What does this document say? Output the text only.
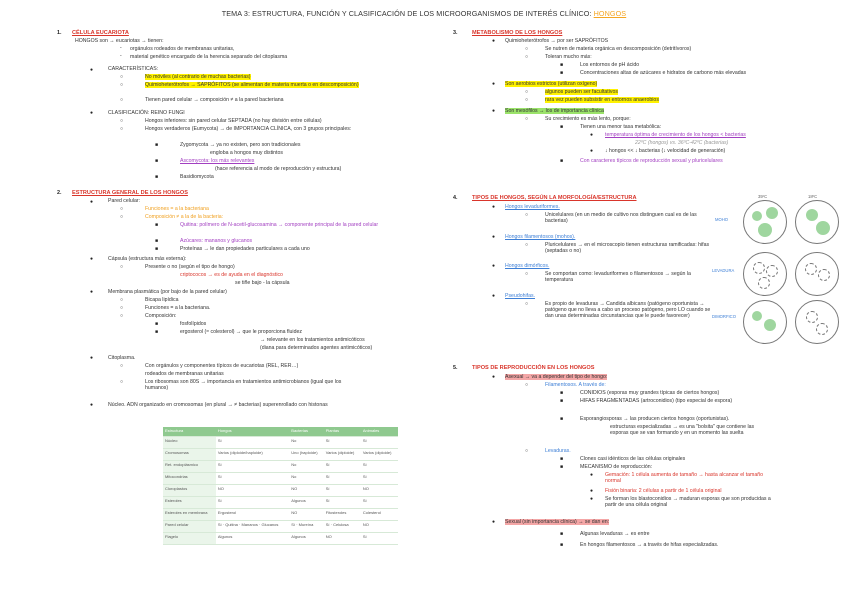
TEMA 3: ESTRUCTURA, FUNCIÓN Y CLASIFICACIÓN DE LOS MICROORGANISMOS DE INTERÉS CLÍNICO: HONGOS
1. CÉLULA EUCARIOTA
HONGOS son → eucariotas → tienen:
- orgánulos rodeados de membranas unitarias,
- material genético encargado de la herencia separado del citoplasma
●	CARACTERÍSTICAS:
○	No móviles (al contrario de muchas bacterias)
○	Quimioheterótrofos → SAPRÓFITOS (se alimentan de materia muerta o en descomposición)
○	Tienen pared celular → composición ≠ a la pared bacteriana
●	CLASIFICACIÓN: REINO FUNGI
○	Hongos inferiores: sin pared celular SEPTADA (no hay división entre células)
○	Hongos verdaderos (Eumycota) → de IMPORTANCIA CLÍNICA, con 3 grupos principales:
■	Zygomycota → ya no existen, pero son tradicionales
engloba a hongos muy distintos
■	Ascomycota: los más relevantes
(hace referencia al modo de reproducción y estructura)
■	Basidiomycota
2. ESTRUCTURA GENERAL DE LOS HONGOS
●	Pared celular:
○	Funciones = a la bacteriana
○	Composición ≠ a la de la bacteria:
■	Quitina: polímero de N-acetil-glucosamina → componente principal de la pared celular
■	Azúcares: mananos y glucanos
■	Proteínas → le dan propiedades particulares a cada uno
●	Cápsula (estructura más externa):
○	Presente o no (según el tipo de hongo)
criptococos → es de ayuda en el diagnóstico
se tiñe bajo - la cápsula
●	Membrana plasmática (por bajo de la pared celular)
○	Bicapa lipídica
○	Funciones = a la bacteriana.
○	Composición:
■	fosfolípidos
■	ergosterol (≈ colesterol) → que le proporciona fluidez
→ relevante en los tratamientos antimicóticos
(diana para determinados agentes antimicóticos)
●	Citoplasma.
○	Con orgánulos y componentes típicos de eucariotas (REL, RER…)
rodeados de membranas unitarias
○	Los ribosomas son 80S → importancia en tratamientos antimicrobianos (igual que los humanos)
●	Núcleo. ADN organizado en cromosomas (en plural → ≠ bacterias) superenrollado con histonas
Estructura	Hongos	Bacterias	Plantas	Animales
Núcleo	Sí	No	Sí	Sí
Cromosomas	Varios (diploide/haploide)	Uno (haploide)	Varios (diploide)	Varios (diploide)
Ret. endoplásmico	Sí	No	Sí	Sí
Mitocondrias	Sí	No	Sí	Sí
Cloroplastos	NO	NO	Sí	NO
Esteroles	Sí	Algunos	Sí	Sí
Esteroles en membrana	Ergosterol	NO	Fitosteroles	Colesterol
Pared celular	Sí · Quitina · Mananos · Glucanos	Sí · Mureína	Sí · Celulosa	NO
Flagelo	Algunos	Algunos	NO	Sí
3.	METABOLISMO DE LOS HONGOS
● Quimioheterótrofos → por ser SAPRÓFITOS
○	Se nutren de materia orgánica en descomposición (detritívoros)
○	Toleran mucho más:
■	Los entornos de pH ácido
■	Concentraciones altas de azúcares e hidratos de carbono más elevadas
● Son aerobios estrictos (utilizan oxígeno)
○	algunos pueden ser facultativos
○	rara vez pueden subsistir en entornos anaerobios
● Son mesófilos → los de importancia clínica
○	Su crecimiento es más lento, porque:
■	Tienen una menor tasa metabólica:
● temperatura óptima de crecimiento de los hongos < bacterias
22ºC (hongos) vs. 36ºC-42ºC (bacterias)
● ↓ hongos << ↓ bacterias (↓ velocidad de generación)
■	Con caracteres típicos de reproducción sexual y pluricelulares
4.	TIPOS DE HONGOS, SEGÚN LA MORFOLOGÍA/ESTRUCTURA
● Hongos levaduriformes.
○	Unicelulares (en un medio de cultivo nos distinguen cual es de las bacterias)
● Hongos filamentosos (mohos).
○	Pluricelulares → en el microscopio tienen estructuras ramificadas: hifas (septadas o no)
● Hongos dimórficos.
○	Se comportan como: levaduriformes o filamentosos → según la temperatura
● Pseudohifas.
○	Es propio de levaduras → Candida albicans (patógeno oportunista → patógeno que no lleva a cabo un proceso patógeno, pero LO cuando se dan unas determinadas circunstancias que le puede favorecer)
35ºC	18ºC
MOHO
LEVADURA
DIMORFICO
5.	TIPOS DE REPRODUCCIÓN EN LOS HONGOS
● Asexual → va a depender del tipo de hongo:
○	Filamentosos. A través de:
■	CONIDIOS (esporas muy grandes típicas de ciertos hongos)
■	HIFAS FRAGMENTADAS (artroconidios) (tipo especial de espora)
■	Esporangiosporas → las producen ciertos hongos (oportunistas).
estructuras especializadas → es una "bolsita" que contiene las esporas que se van formando y en un momento las suelta
○	Levaduras.
■	Clones casi idénticos de las células originales
■	MECANISMO de reproducción:
● Gemación: 1 célula aumenta de tamaño → hasta alcanzar el tamaño normal
● Fisión binaria: 2 células a partir de 1 célula original
● Se forman los blastoconidios → maduran esporas que son producidas a partir de una célula original
● Sexual (sin importancia clínica) → se dan en:
■	Algunas levaduras → es entre
■	En hongos filamentosos → a través de hifas especializadas.
